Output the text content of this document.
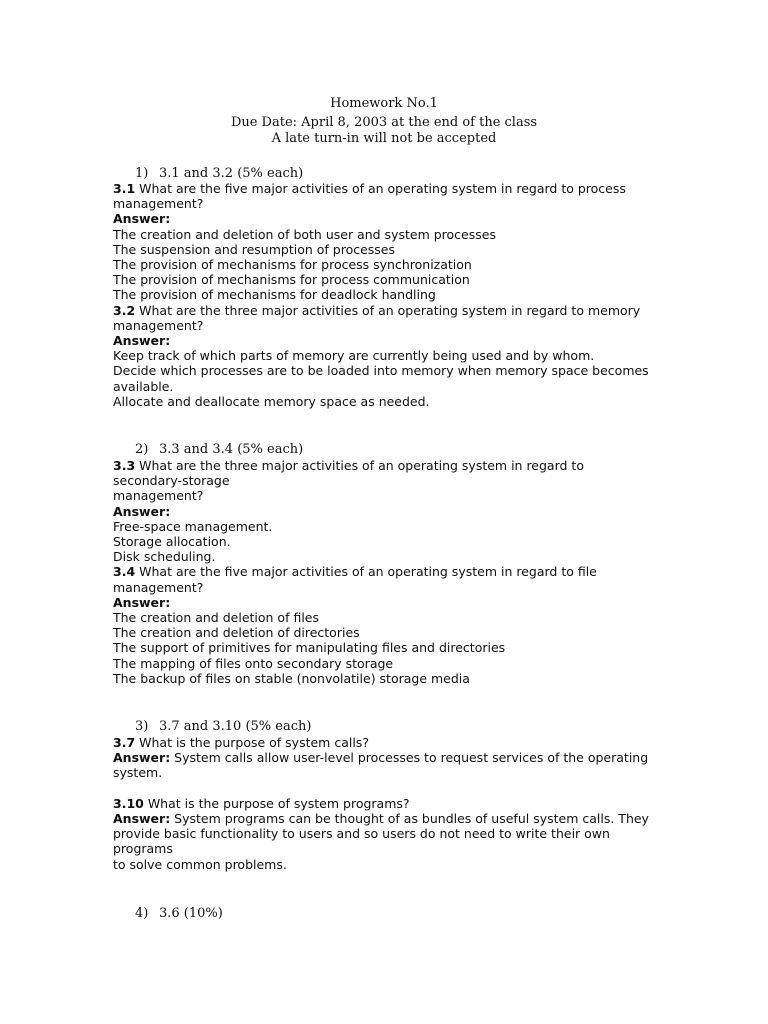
Homework No.1
Due Date: April 8, 2003 at the end of the class
A late turn-in will not be accepted
1) 3.1 and 3.2 (5% each)
3.1 What are the five major activities of an operating system in regard to process
management?
Answer:
The creation and deletion of both user and system processes
The suspension and resumption of processes
The provision of mechanisms for process synchronization
The provision of mechanisms for process communication
The provision of mechanisms for deadlock handling
3.2 What are the three major activities of an operating system in regard to memory
management?
Answer:
Keep track of which parts of memory are currently being used and by whom.
Decide which processes are to be loaded into memory when memory space becomes
available.
Allocate and deallocate memory space as needed.
2) 3.3 and 3.4 (5% each)
3.3 What are the three major activities of an operating system in regard to
secondary-storage
management?
Answer:
Free-space management.
Storage allocation.
Disk scheduling.
3.4 What are the five major activities of an operating system in regard to file
management?
Answer:
The creation and deletion of files
The creation and deletion of directories
The support of primitives for manipulating files and directories
The mapping of files onto secondary storage
The backup of files on stable (nonvolatile) storage media
3) 3.7 and 3.10 (5% each)
3.7 What is the purpose of system calls?
Answer: System calls allow user-level processes to request services of the operating
system.
3.10 What is the purpose of system programs?
Answer: System programs can be thought of as bundles of useful system calls. They
provide basic functionality to users and so users do not need to write their own
programs
to solve common problems.
4) 3.6 (10%)
